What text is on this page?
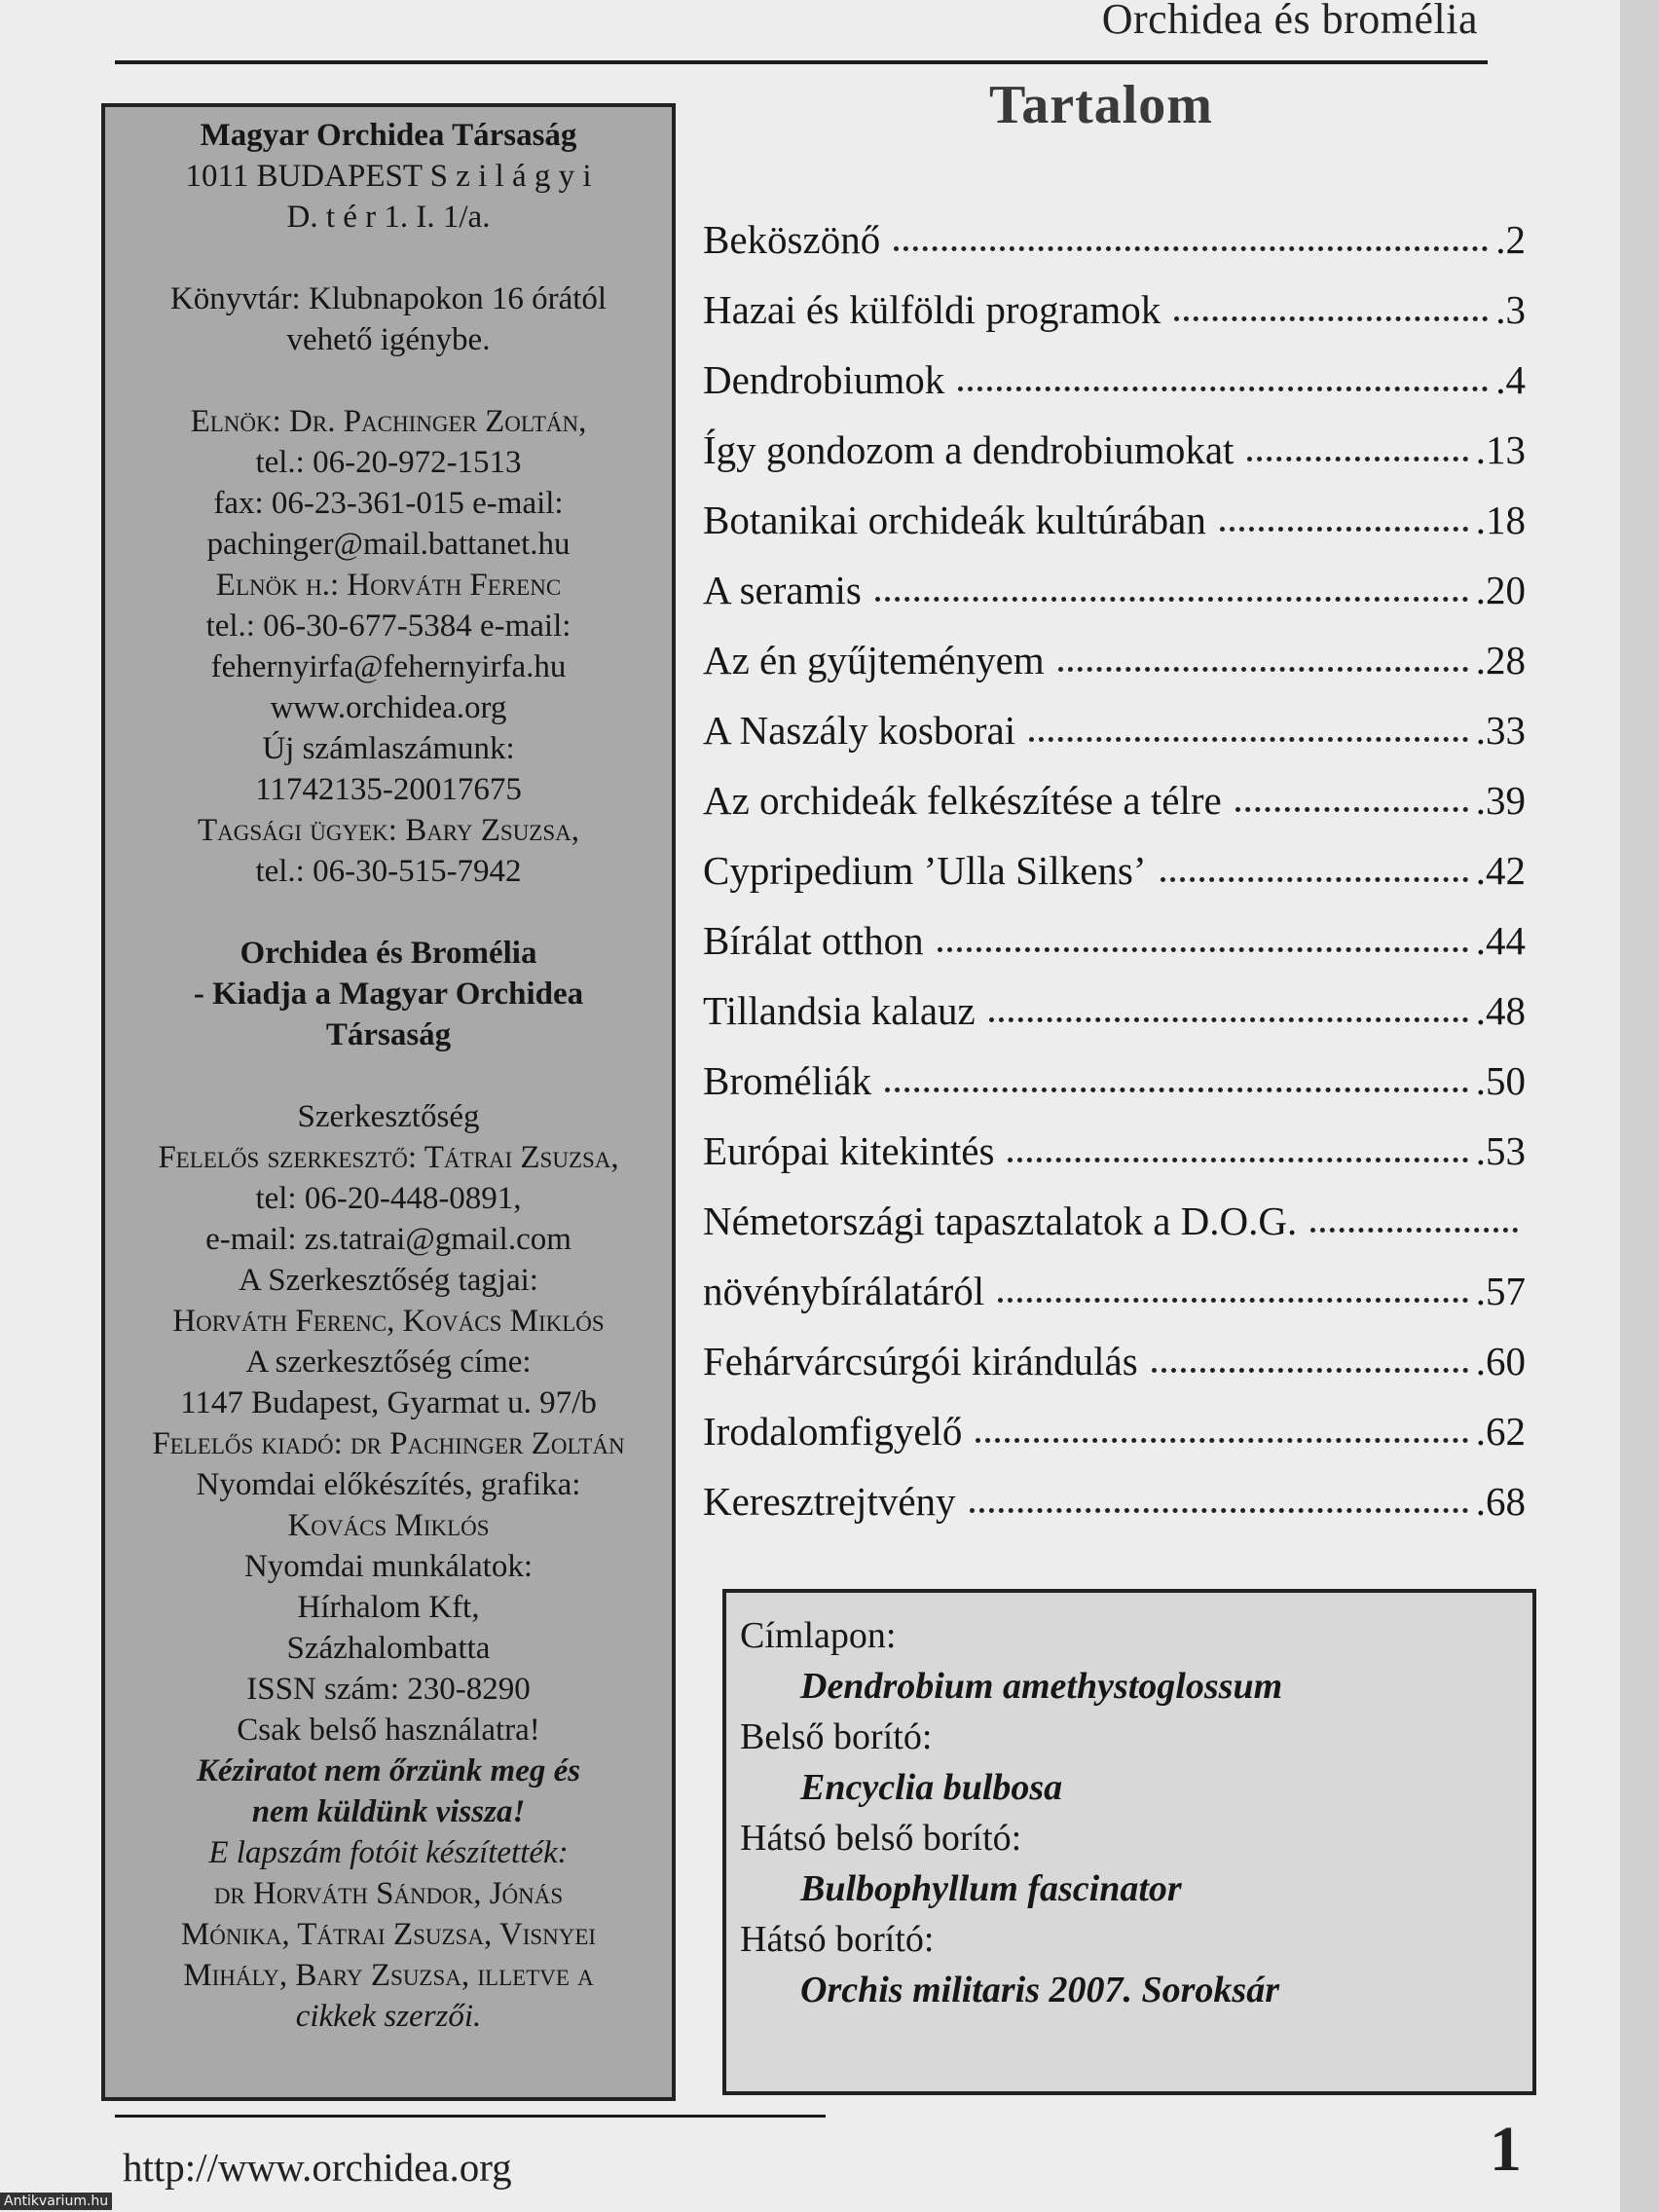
Orchidea és bromélia
Magyar Orchidea Társaság
1011 BUDAPEST S z i l á g y i
D. t é r 1. I. 1/a.
Könyvtár: Klubnapokon 16 órától
vehető igénybe.
Elnök: Dr. Pachinger Zoltán,
tel.: 06-20-972-1513
fax: 06-23-361-015 e-mail:
pachinger@mail.battanet.hu
Elnök h.: Horváth Ferenc
tel.: 06-30-677-5384 e-mail:
fehernyirfa@fehernyirfa.hu
www.orchidea.org
Új számlaszámunk:
11742135-20017675
Tagsági ügyek: Bary Zsuzsa,
tel.: 06-30-515-7942
Orchidea és Bromélia
- Kiadja a Magyar Orchidea
Társaság
Szerkesztőség
Felelős szerkesztő: Tátrai Zsuzsa,
tel: 06-20-448-0891,
e-mail: zs.tatrai@gmail.com
A Szerkesztőség tagjai:
Horváth Ferenc, Kovács Miklós
A szerkesztőség címe:
1147 Budapest, Gyarmat u. 97/b
Felelős kiadó: dr Pachinger Zoltán
Nyomdai előkészítés, grafika:
Kovács Miklós
Nyomdai munkálatok:
Hírhalom Kft,
Százhalombatta
ISSN szám: 230-8290
Csak belső használatra!
Kéziratot nem őrzünk meg és
nem küldünk vissza!
E lapszám fotóit készítették:
dr Horváth Sándor, Jónás
Mónika, Tátrai Zsuzsa, Visnyei
Mihály, Bary Zsuzsa, illetve a
cikkek szerzői.
Tartalom
Beköszönő	.2
Hazai és külföldi programok	.3
Dendrobiumok	.4
Így gondozom a dendrobiumokat	.13
Botanikai orchideák kultúrában	.18
A seramis	.20
Az én gyűjteményem	.28
A Naszály kosborai	.33
Az orchideák felkészítése a télre	.39
Cypripedium ’Ulla Silkens’	.42
Bírálat otthon	.44
Tillandsia kalauz	.48
Broméliák	.50
Európai kitekintés	.53
Németországi tapasztalatok a D.O.G.
növénybírálatáról	.57
Fehárvárcsúrgói kirándulás	.60
Irodalomfigyelő	.62
Keresztrejtvény	.68
Címlapon:
Dendrobium amethystoglossum
Belső borító:
Encyclia bulbosa
Hátsó belső borító:
Bulbophyllum fascinator
Hátsó borító:
Orchis militaris 2007. Soroksár
http://www.orchidea.org	1
Antikvarium.hu
